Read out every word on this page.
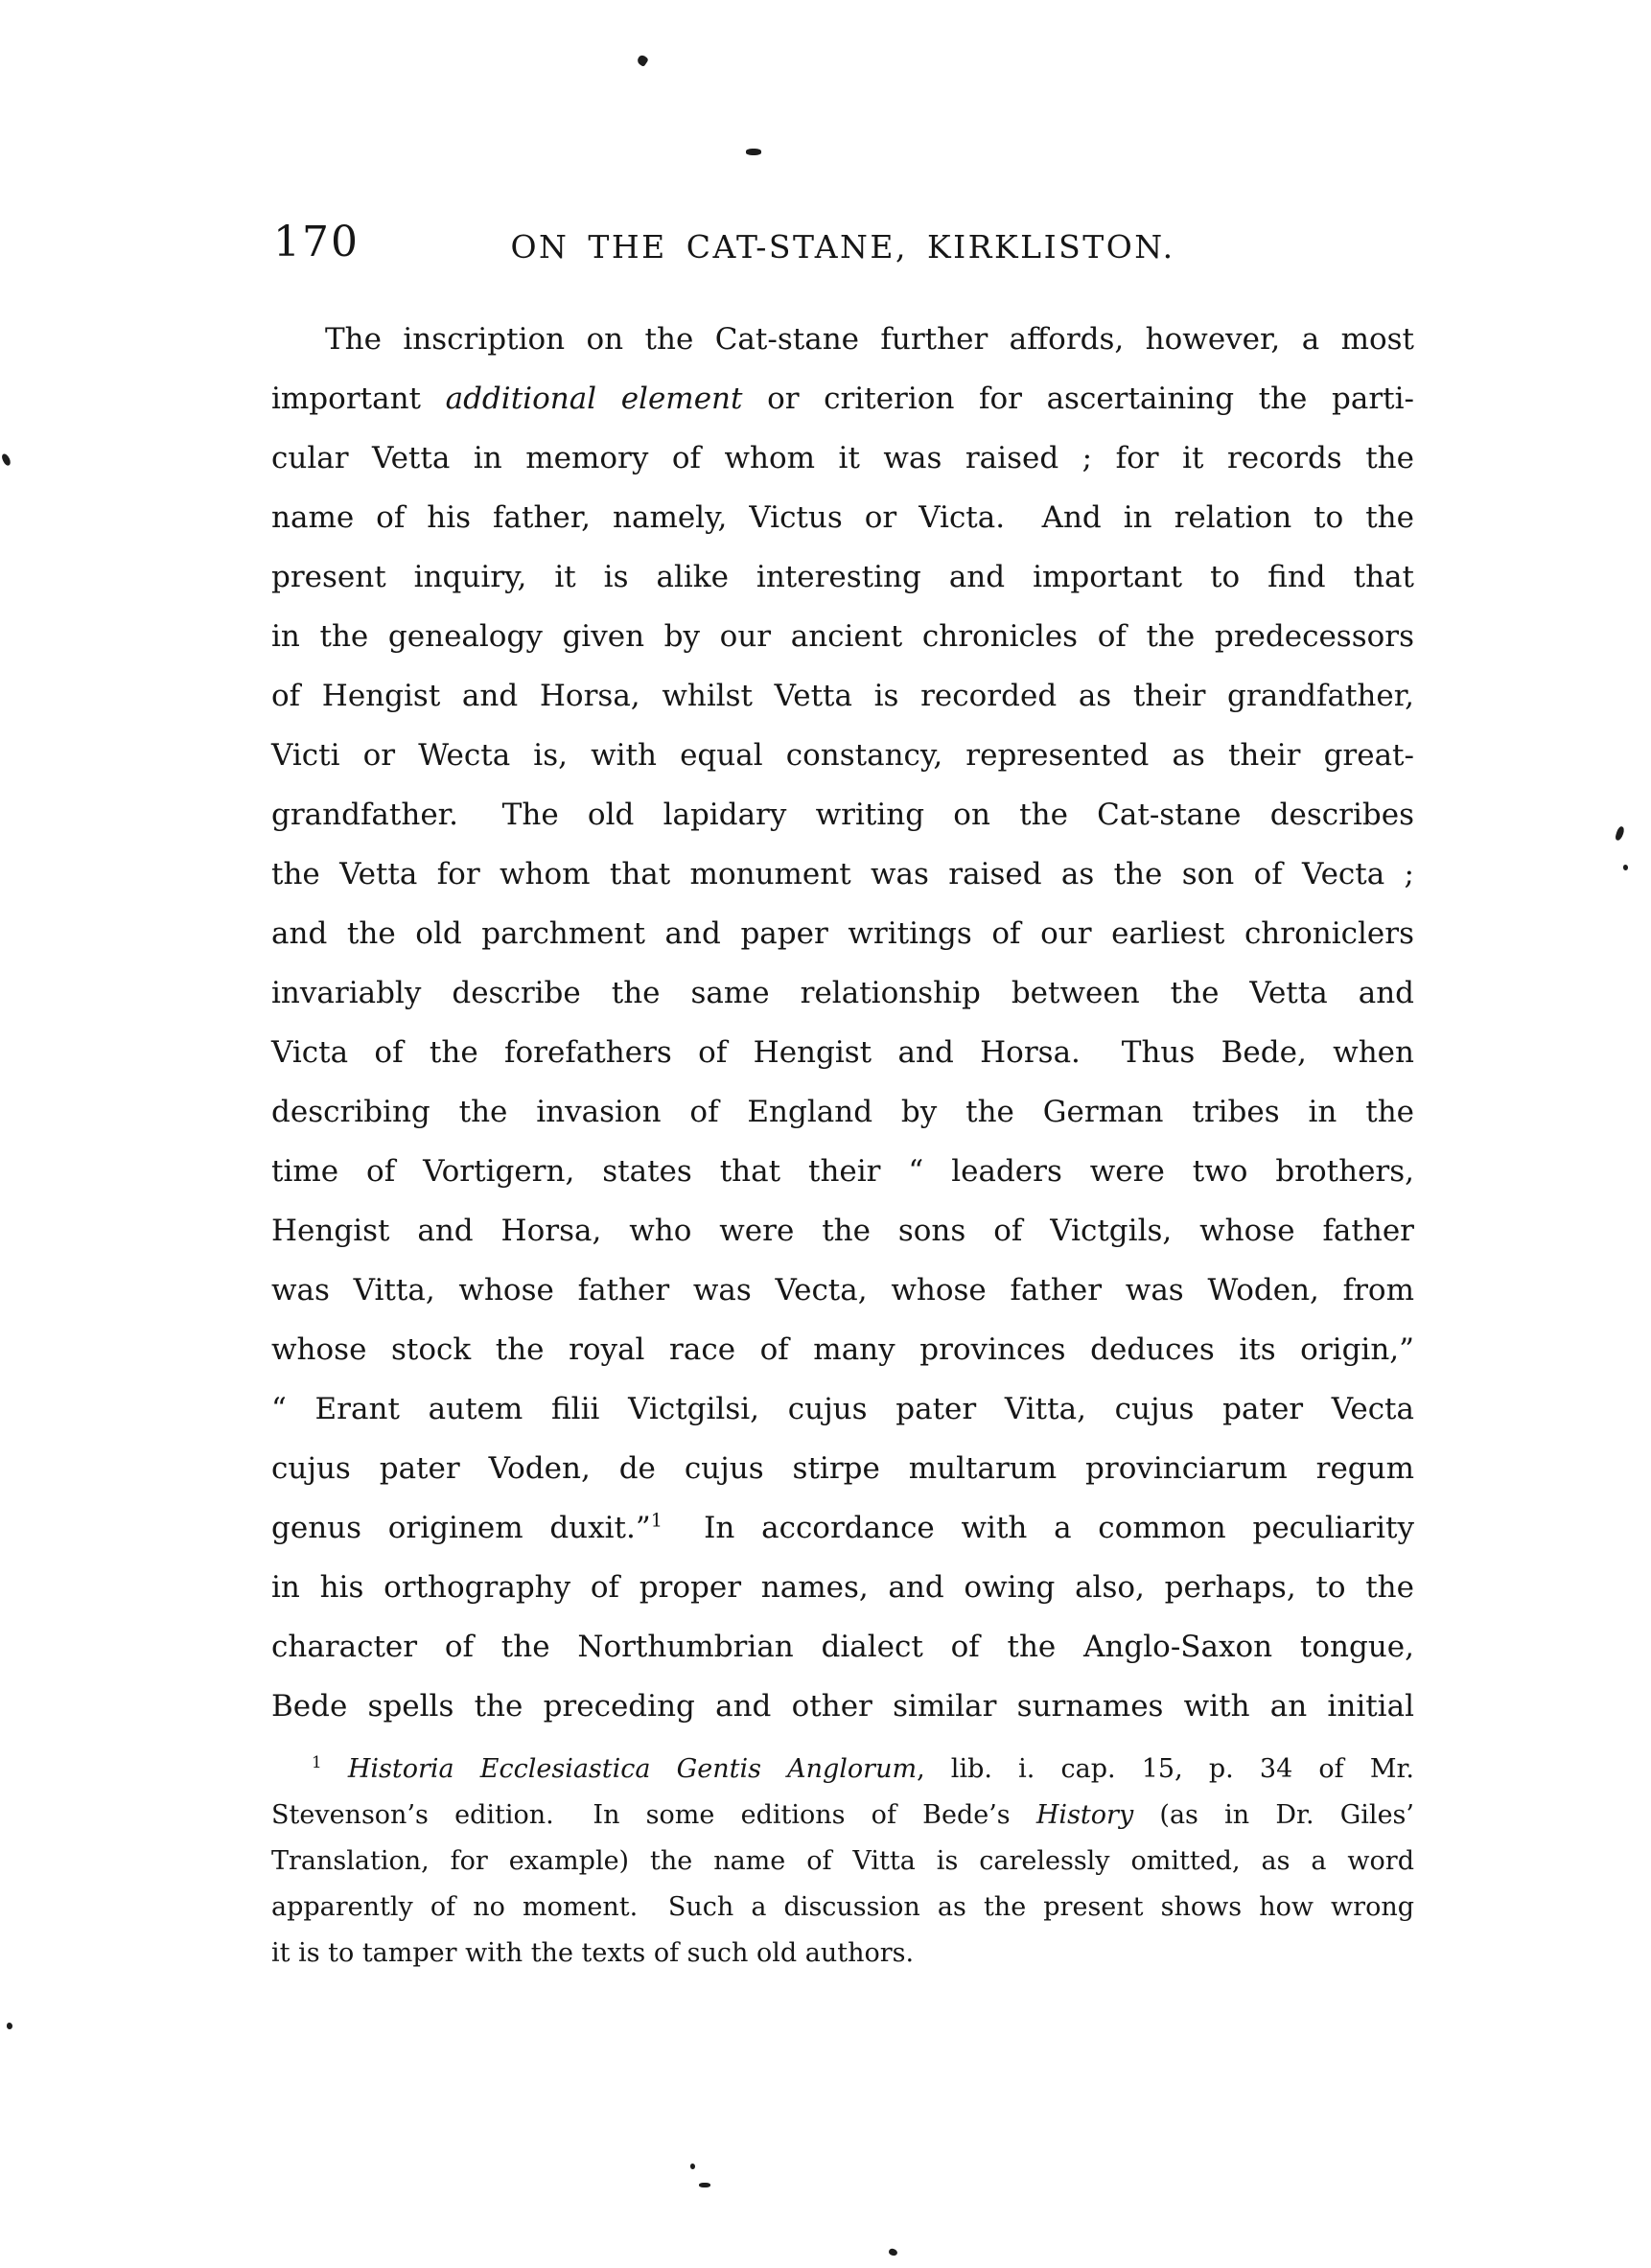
170	ON THE CAT-STANE, KIRKLISTON.
The inscription on the Cat-stane further affords, however, a most
important additional element or criterion for ascertaining the parti-
cular Vetta in memory of whom it was raised ; for it records the
name of his father, namely, Victus or Victa.  And in relation to the
present inquiry, it is alike interesting and important to find that
in the genealogy given by our ancient chronicles of the predecessors
of Hengist and Horsa, whilst Vetta is recorded as their grandfather,
Victi or Wecta is, with equal constancy, represented as their great-
grandfather.  The old lapidary writing on the Cat-stane describes
the Vetta for whom that monument was raised as the son of Vecta ;
and the old parchment and paper writings of our earliest chroniclers
invariably describe the same relationship between the Vetta and
Victa of the forefathers of Hengist and Horsa.  Thus Bede, when
describing the invasion of England by the German tribes in the
time of Vortigern, states that their “ leaders were two brothers,
Hengist and Horsa, who were the sons of Victgils, whose father
was Vitta, whose father was Vecta, whose father was Woden, from
whose stock the royal race of many provinces deduces its origin,”
“ Erant autem filii Victgilsi, cujus pater Vitta, cujus pater Vecta
cujus pater Voden, de cujus stirpe multarum provinciarum regum
genus originem duxit.”$^1$  In accordance with a common peculiarity
in his orthography of proper names, and owing also, perhaps, to the
character of the Northumbrian dialect of the Anglo-Saxon tongue,
Bede spells the preceding and other similar surnames with an initial
$^1$ Historia Ecclesiastica Gentis Anglorum, lib. i. cap. 15, p. 34 of Mr.
Stevenson’s edition.  In some editions of Bede’s History (as in Dr. Giles’
Translation, for example) the name of Vitta is carelessly omitted, as a word
apparently of no moment.  Such a discussion as the present shows how wrong
it is to tamper with the texts of such old authors.
